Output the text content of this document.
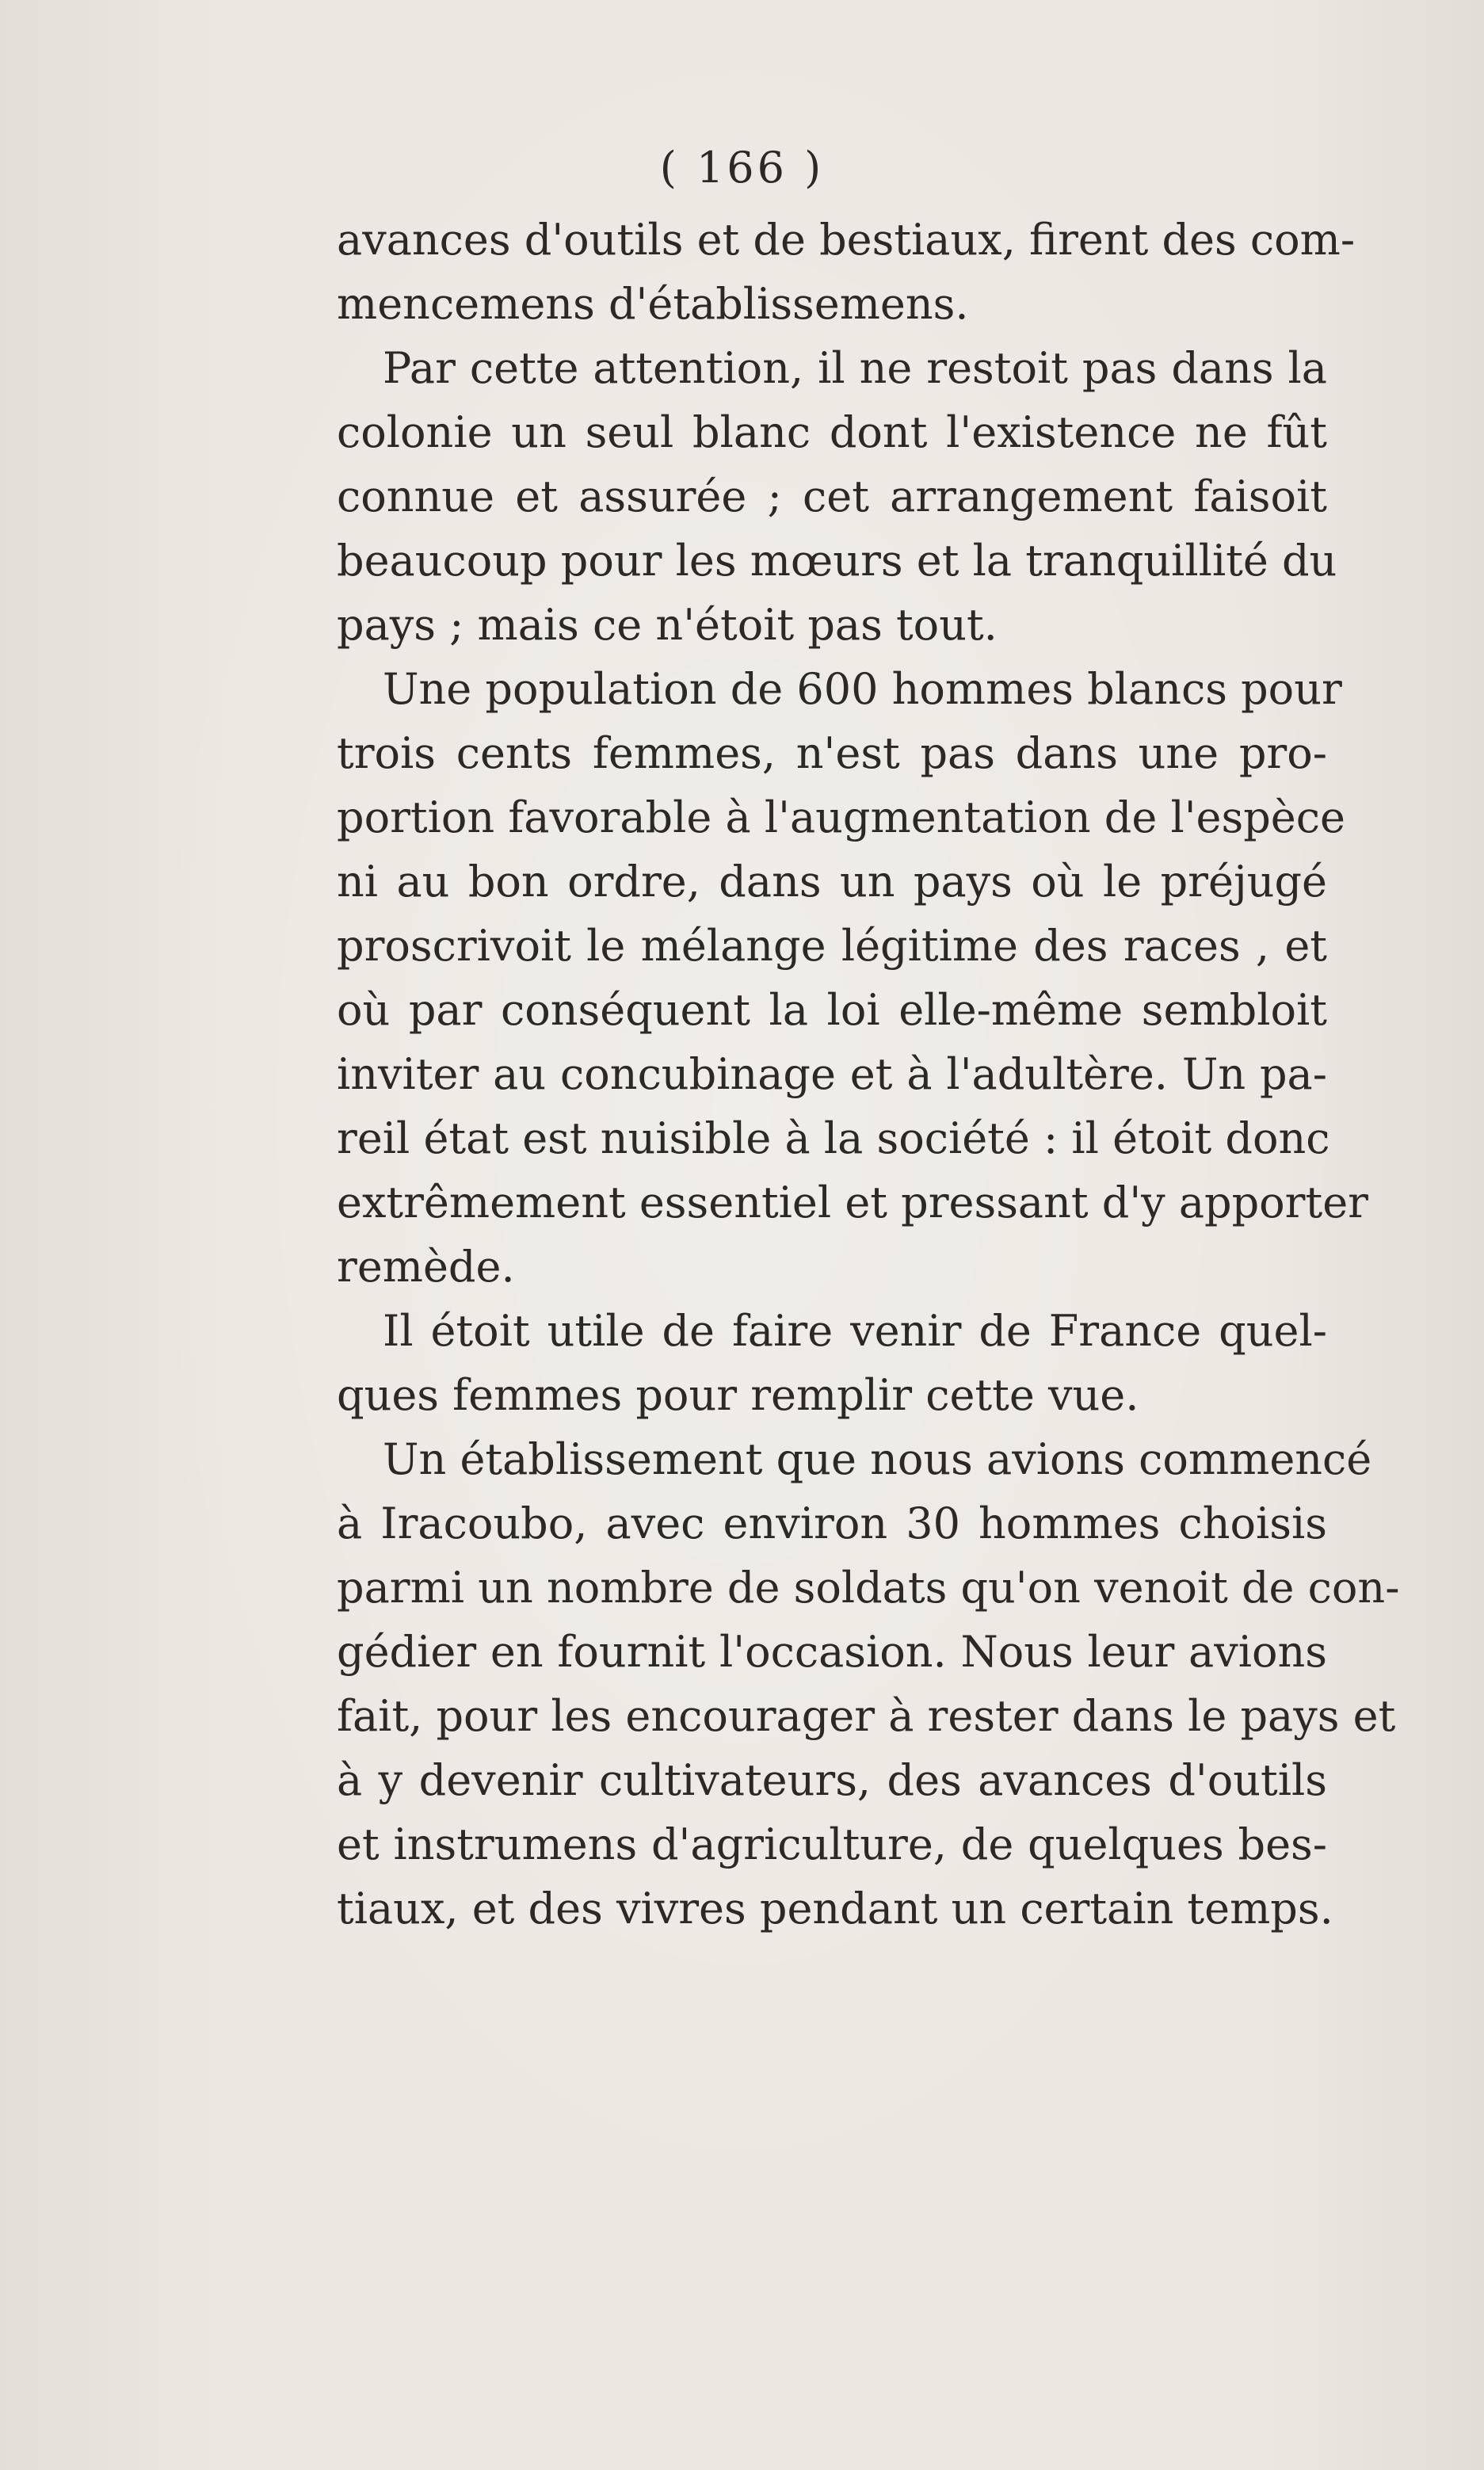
( 166 )
avances d'outils et de bestiaux, firent des com-
mencemens d'établissemens.
Par cette attention, il ne restoit pas dans la
colonie un seul blanc dont l'existence ne fût
connue et assurée ; cet arrangement faisoit
beaucoup pour les mœurs et la tranquillité du
pays ; mais ce n'étoit pas tout.
Une population de 600 hommes blancs pour
trois cents femmes, n'est pas dans une pro-
portion favorable à l'augmentation de l'espèce
ni au bon ordre, dans un pays où le préjugé
proscrivoit le mélange légitime des races , et
où par conséquent la loi elle-même sembloit
inviter au concubinage et à l'adultère. Un pa-
reil état est nuisible à la société : il étoit donc
extrêmement essentiel et pressant d'y apporter
remède.
Il étoit utile de faire venir de France quel-
ques femmes pour remplir cette vue.
Un établissement que nous avions commencé
à Iracoubo, avec environ 30 hommes choisis
parmi un nombre de soldats qu'on venoit de con-
gédier en fournit l'occasion. Nous leur avions
fait, pour les encourager à rester dans le pays et
à y devenir cultivateurs, des avances d'outils
et instrumens d'agriculture, de quelques bes-
tiaux, et des vivres pendant un certain temps.
